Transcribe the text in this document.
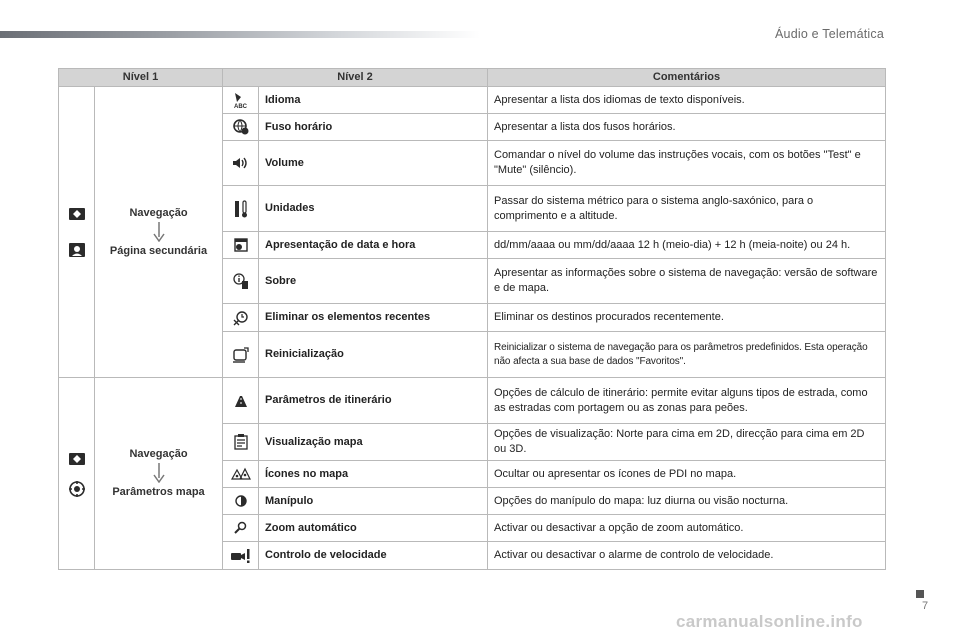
Áudio e Telemática
Nível 1		Nível 2		Comentários

Navegação
Página secundária	ABC	Idioma	Apresentar a lista dos idiomas de texto disponíveis.
	Fuso horário	Apresentar a lista dos fusos horários.
	Volume	Comandar o nível do volume das instruções vocais, com os botões "Test" e "Mute" (silêncio).
	Unidades	Passar do sistema métrico para o sistema anglo-saxónico, para o comprimento e a altitude.
	Apresentação de data e hora	dd/mm/aaaa ou mm/dd/aaaa 12 h (meio-dia) + 12 h (meia-noite) ou 24 h.
	Sobre	Apresentar as informações sobre o sistema de navegação: versão de software e de mapa.
	Eliminar os elementos recentes	Eliminar os destinos procurados recentemente.
	Reinicialização	Reinicializar o sistema de navegação para os parâmetros predefinidos. Esta operação não afecta a sua base de dados "Favoritos".

Navegação
Parâmetros mapa		Parâmetros de itinerário	Opções de cálculo de itinerário: permite evitar alguns tipos de estrada, como as estradas com portagem ou as zonas para peões.
	Visualização mapa	Opções de visualização: Norte para cima em 2D, direcção para cima em 2D ou 3D.
	Ícones no mapa	Ocultar ou apresentar os ícones de PDI no mapa.
	Manípulo	Opções do manípulo do mapa: luz diurna ou visão nocturna.
	Zoom automático	Activar ou desactivar a opção de zoom automático.
	Controlo de velocidade	Activar ou desactivar o alarme de controlo de velocidade.
7
carmanualsonline.info
